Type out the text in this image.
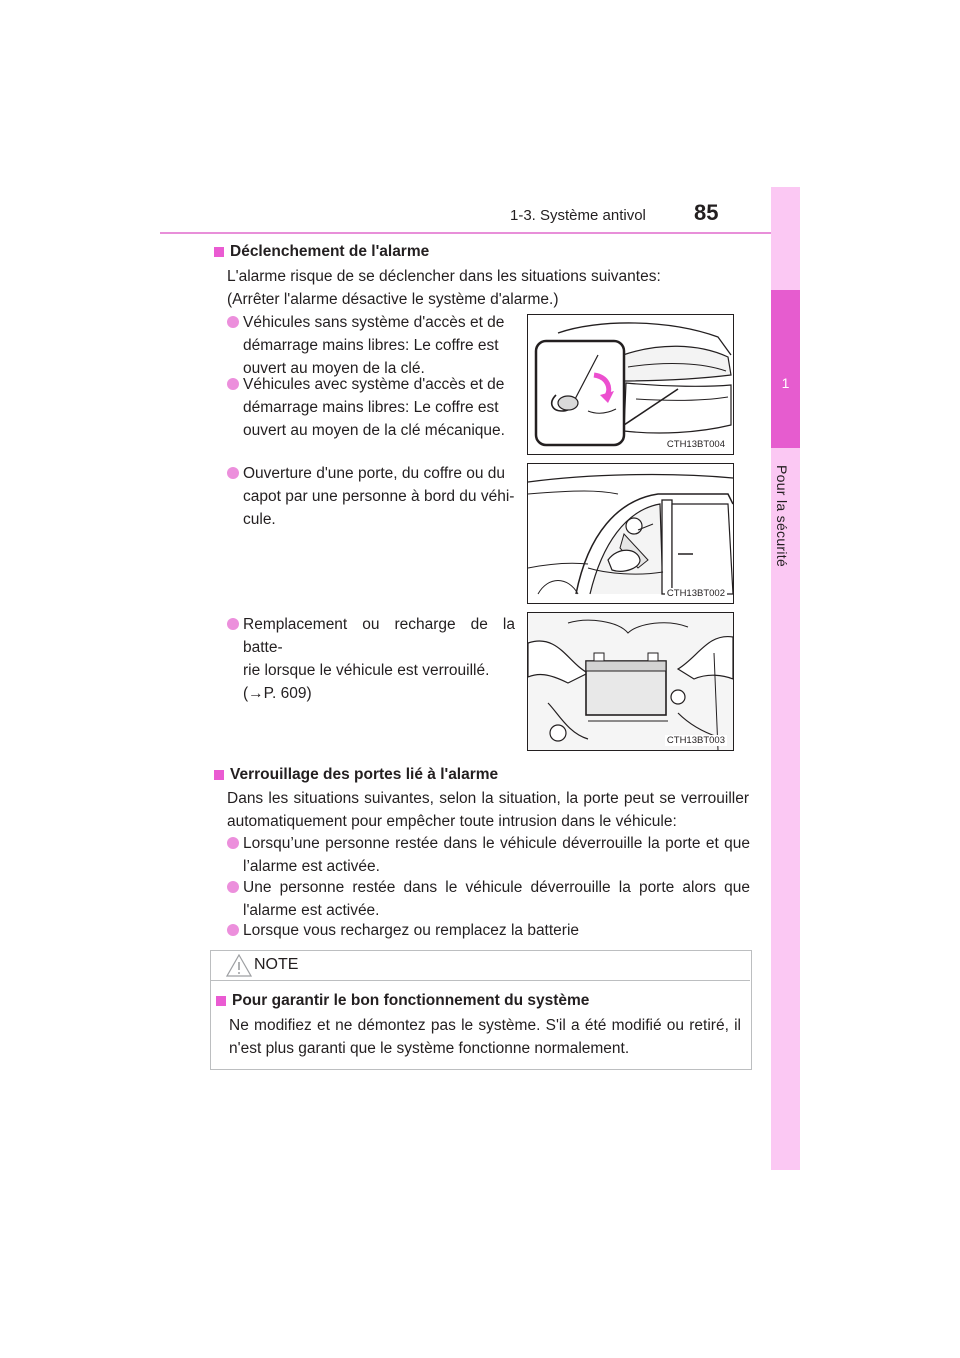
1-3. Système antivol 85
1
Pour la sécurité
Déclenchement de l'alarme
L'alarme risque de se déclencher dans les situations suivantes:
(Arrêter l'alarme désactive le système d'alarme.)
Véhicules sans système d'accès et de
démarrage mains libres: Le coffre est
ouvert au moyen de la clé.
Véhicules avec système d'accès et de
démarrage mains libres: Le coffre est
ouvert au moyen de la clé mécanique.
Ouverture d'une porte, du coffre ou du
capot par une personne à bord du véhi-
cule.
Remplacement ou recharge de la batte-
rie lorsque le véhicule est verrouillé.
(→P. 609)
CTH13BT004
CTH13BT002
CTH13BT003
Verrouillage des portes lié à l'alarme
Dans les situations suivantes, selon la situation, la porte peut se verrouiller
automatiquement pour empêcher toute intrusion dans le véhicule:
Lorsqu’une personne restée dans le véhicule déverrouille la porte et que
l’alarme est activée.
Une personne restée dans le véhicule déverrouille la porte alors que
l'alarme est activée.
Lorsque vous rechargez ou remplacez la batterie
NOTE
Pour garantir le bon fonctionnement du système
Ne modifiez et ne démontez pas le système. S'il a été modifié ou retiré, il
n'est plus garanti que le système fonctionne normalement.
